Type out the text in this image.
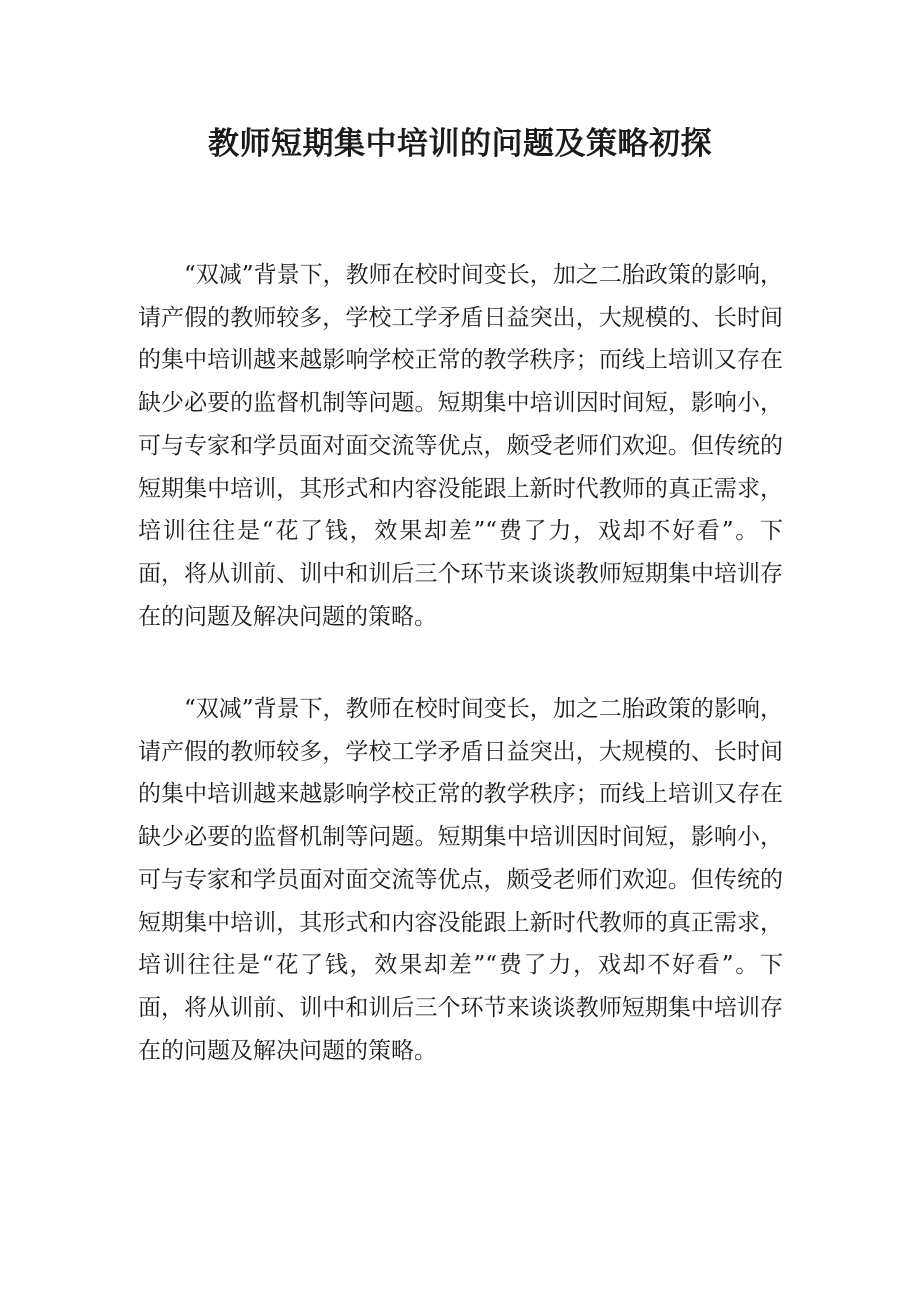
教师短期集中培训的问题及策略初探

“双减”背景下，教师在校时间变长，加之二胎政策的影响，请产假的教师较多，学校工学矛盾日益突出，大规模的、长时间的集中培训越来越影响学校正常的教学秩序；而线上培训又存在缺少必要的监督机制等问题。短期集中培训因时间短，影响小，可与专家和学员面对面交流等优点，颇受老师们欢迎。但传统的短期集中培训，其形式和内容没能跟上新时代教师的真正需求，培训往往是“花了钱，效果却差”“费了力，戏却不好看”。下面，将从训前、训中和训后三个环节来谈谈教师短期集中培训存在的问题及解决问题的策略。

“双减”背景下，教师在校时间变长，加之二胎政策的影响，请产假的教师较多，学校工学矛盾日益突出，大规模的、长时间的集中培训越来越影响学校正常的教学秩序；而线上培训又存在缺少必要的监督机制等问题。短期集中培训因时间短，影响小，可与专家和学员面对面交流等优点，颇受老师们欢迎。但传统的短期集中培训，其形式和内容没能跟上新时代教师的真正需求，培训往往是“花了钱，效果却差”“费了力，戏却不好看”。下面，将从训前、训中和训后三个环节来谈谈教师短期集中培训存在的问题及解决问题的策略。
